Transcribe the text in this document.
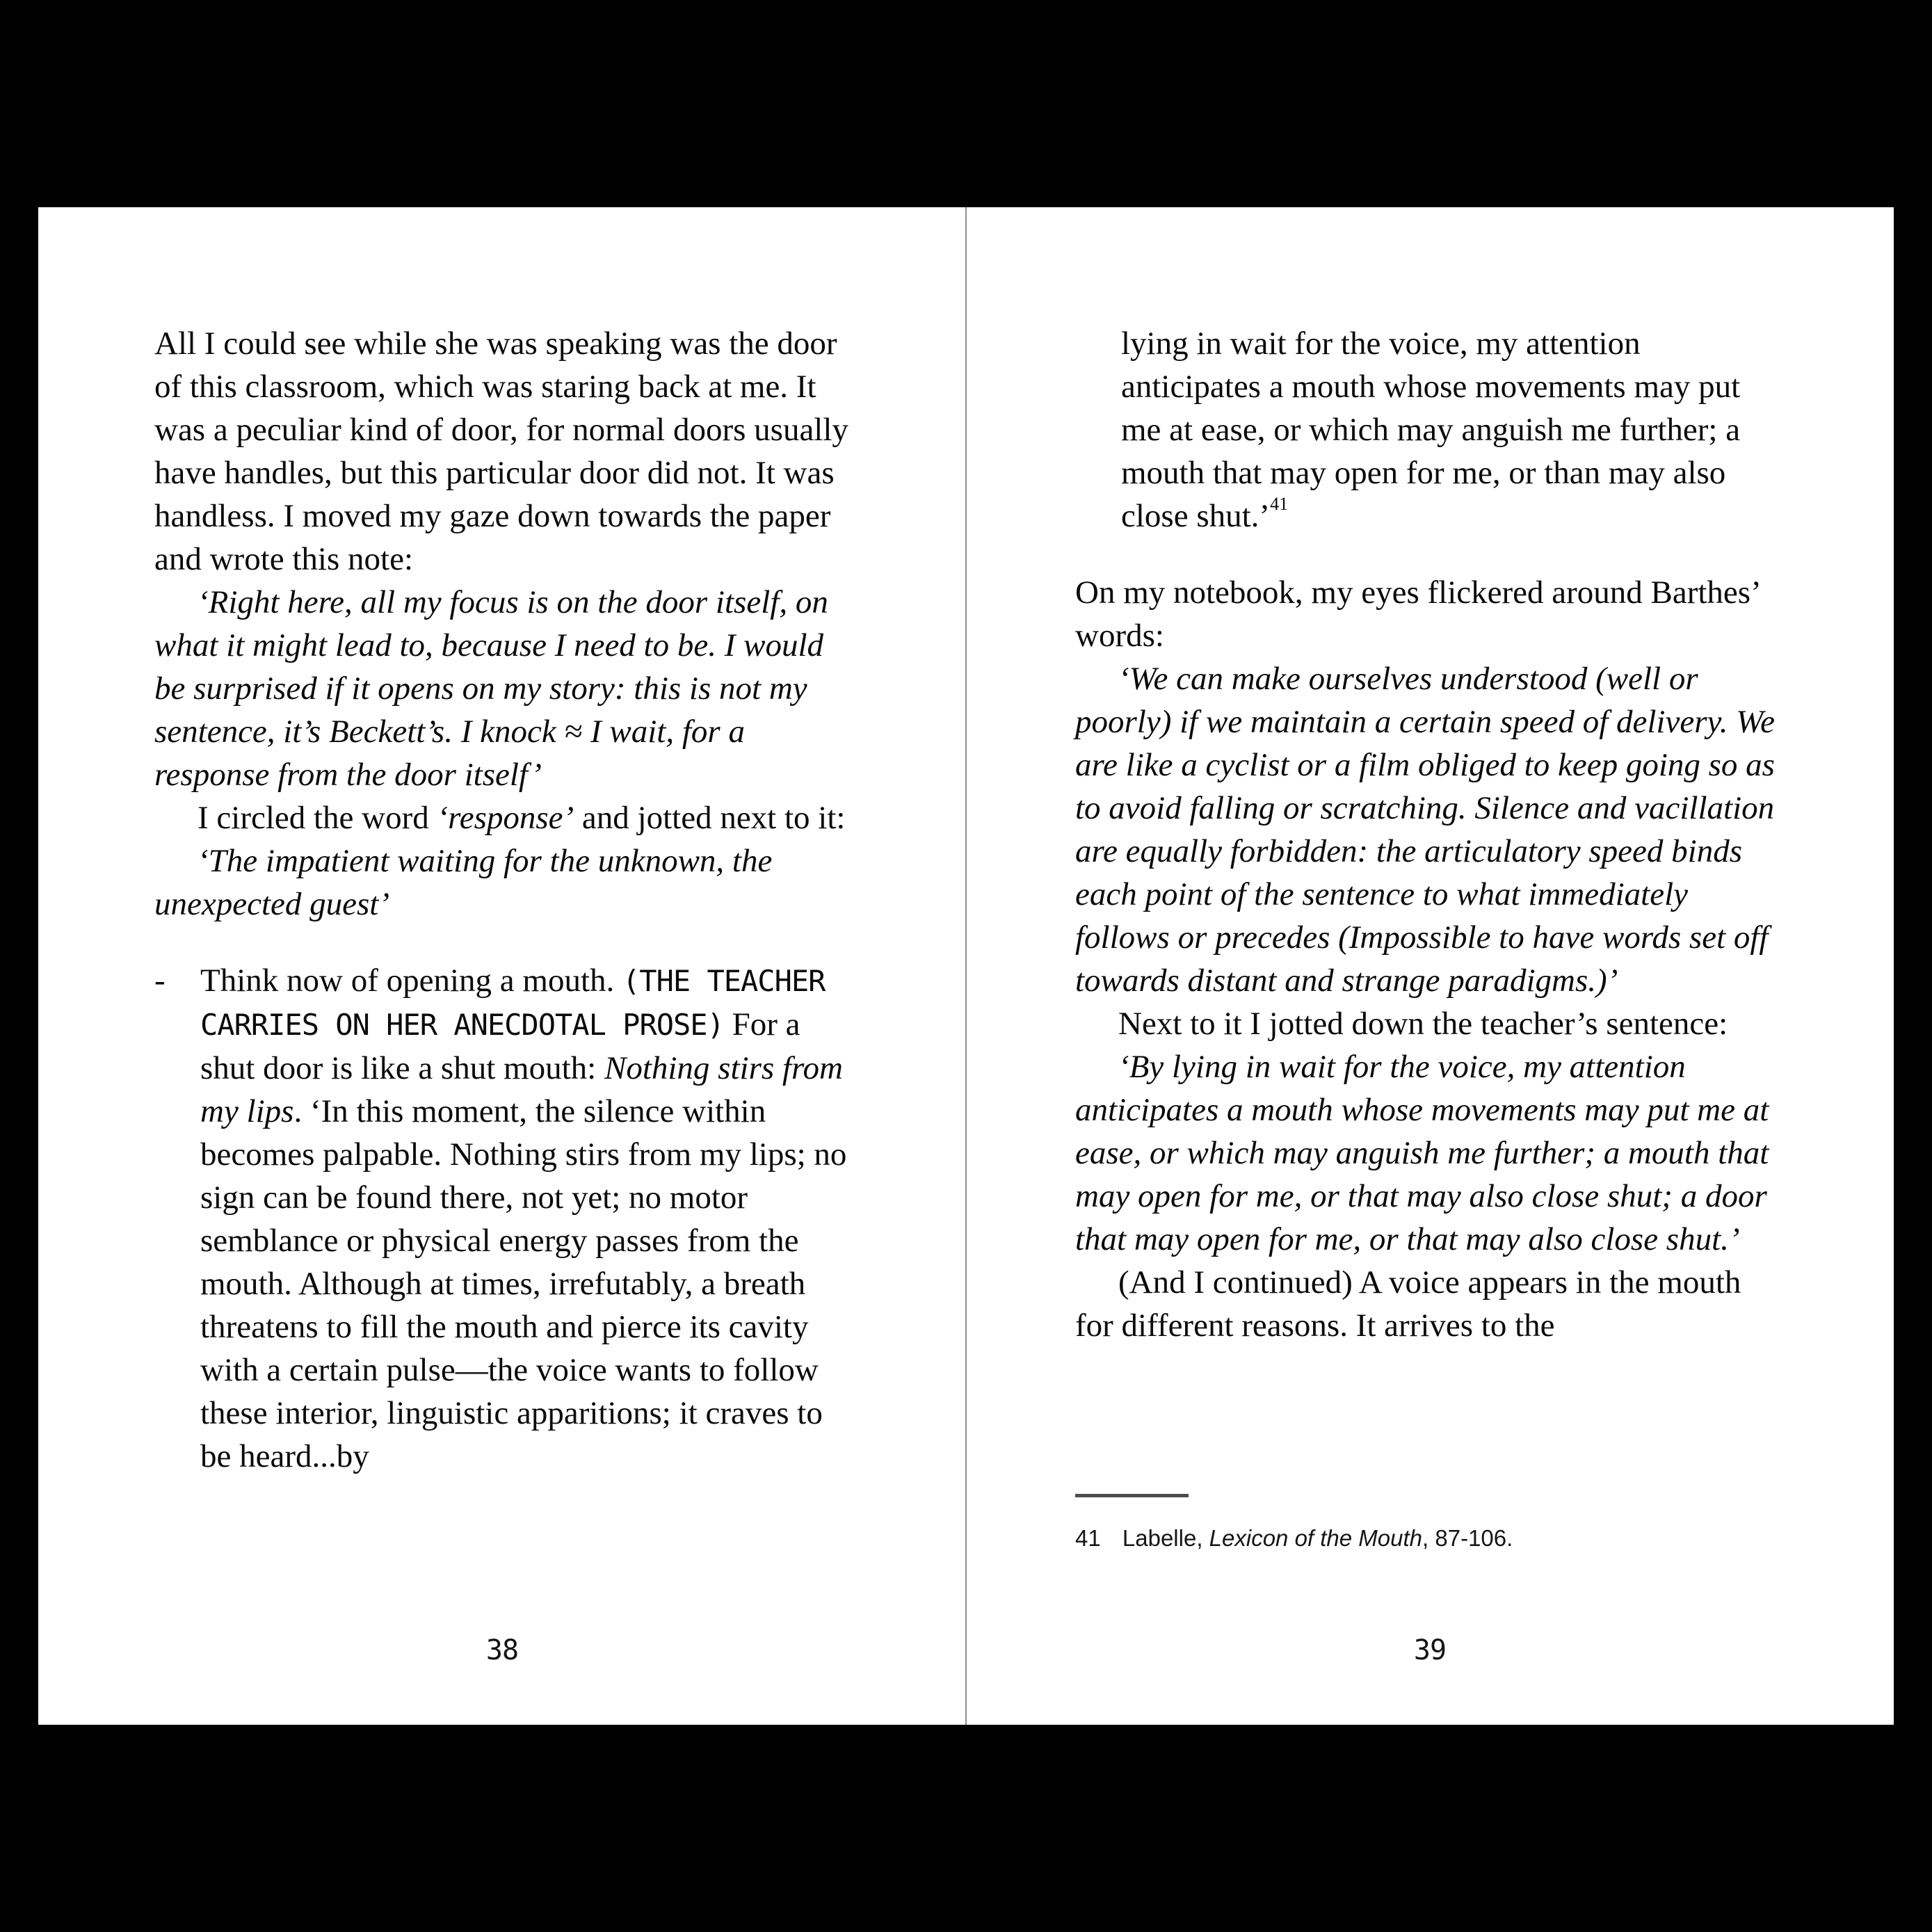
All I could see while she was speaking was the door of this classroom, which was staring back at me. It was a peculiar kind of door, for normal doors usually have handles, but this particular door did not. It was handless. I moved my gaze down towards the paper and wrote this note:
‘Right here, all my focus is on the door itself, on what it might lead to, because I need to be. I would be surprised if it opens on my story: this is not my sentence, it’s Beckett’s. I knock ≈ I wait, for a response from the door itself’
I circled the word ‘response’ and jotted next to it:
‘The impatient waiting for the unknown, the unexpected guest’
- Think now of opening a mouth. (THE TEACHER CARRIES ON HER ANECDOTAL PROSE) For a shut door is like a shut mouth: Nothing stirs from my lips. ‘In this moment, the silence within becomes palpable. Nothing stirs from my lips; no sign can be found there, not yet; no motor semblance or physical energy passes from the mouth. Although at times, irrefutably, a breath threatens to fill the mouth and pierce its cavity with a certain pulse—the voice wants to follow these interior, linguistic apparitions; it craves to be heard...by
38
lying in wait for the voice, my attention anticipates a mouth whose movements may put me at ease, or which may anguish me further; a mouth that may open for me, or than may also close shut.’$^{41}$
On my notebook, my eyes flickered around Barthes’ words:
‘We can make ourselves understood (well or poorly) if we maintain a certain speed of delivery. We are like a cyclist or a film obliged to keep going so as to avoid falling or scratching. Silence and vacillation are equally forbidden: the articulatory speed binds each point of the sentence to what immediately follows or precedes (Impossible to have words set off towards distant and strange paradigms.)’
Next to it I jotted down the teacher’s sentence:
‘By lying in wait for the voice, my attention anticipates a mouth whose movements may put me at ease, or which may anguish me further; a mouth that may open for me, or that may also close shut; a door that may open for me, or that may also close shut.’
(And I continued) A voice appears in the mouth for different reasons. It arrives to the
41 Labelle, Lexicon of the Mouth, 87-106.
39
